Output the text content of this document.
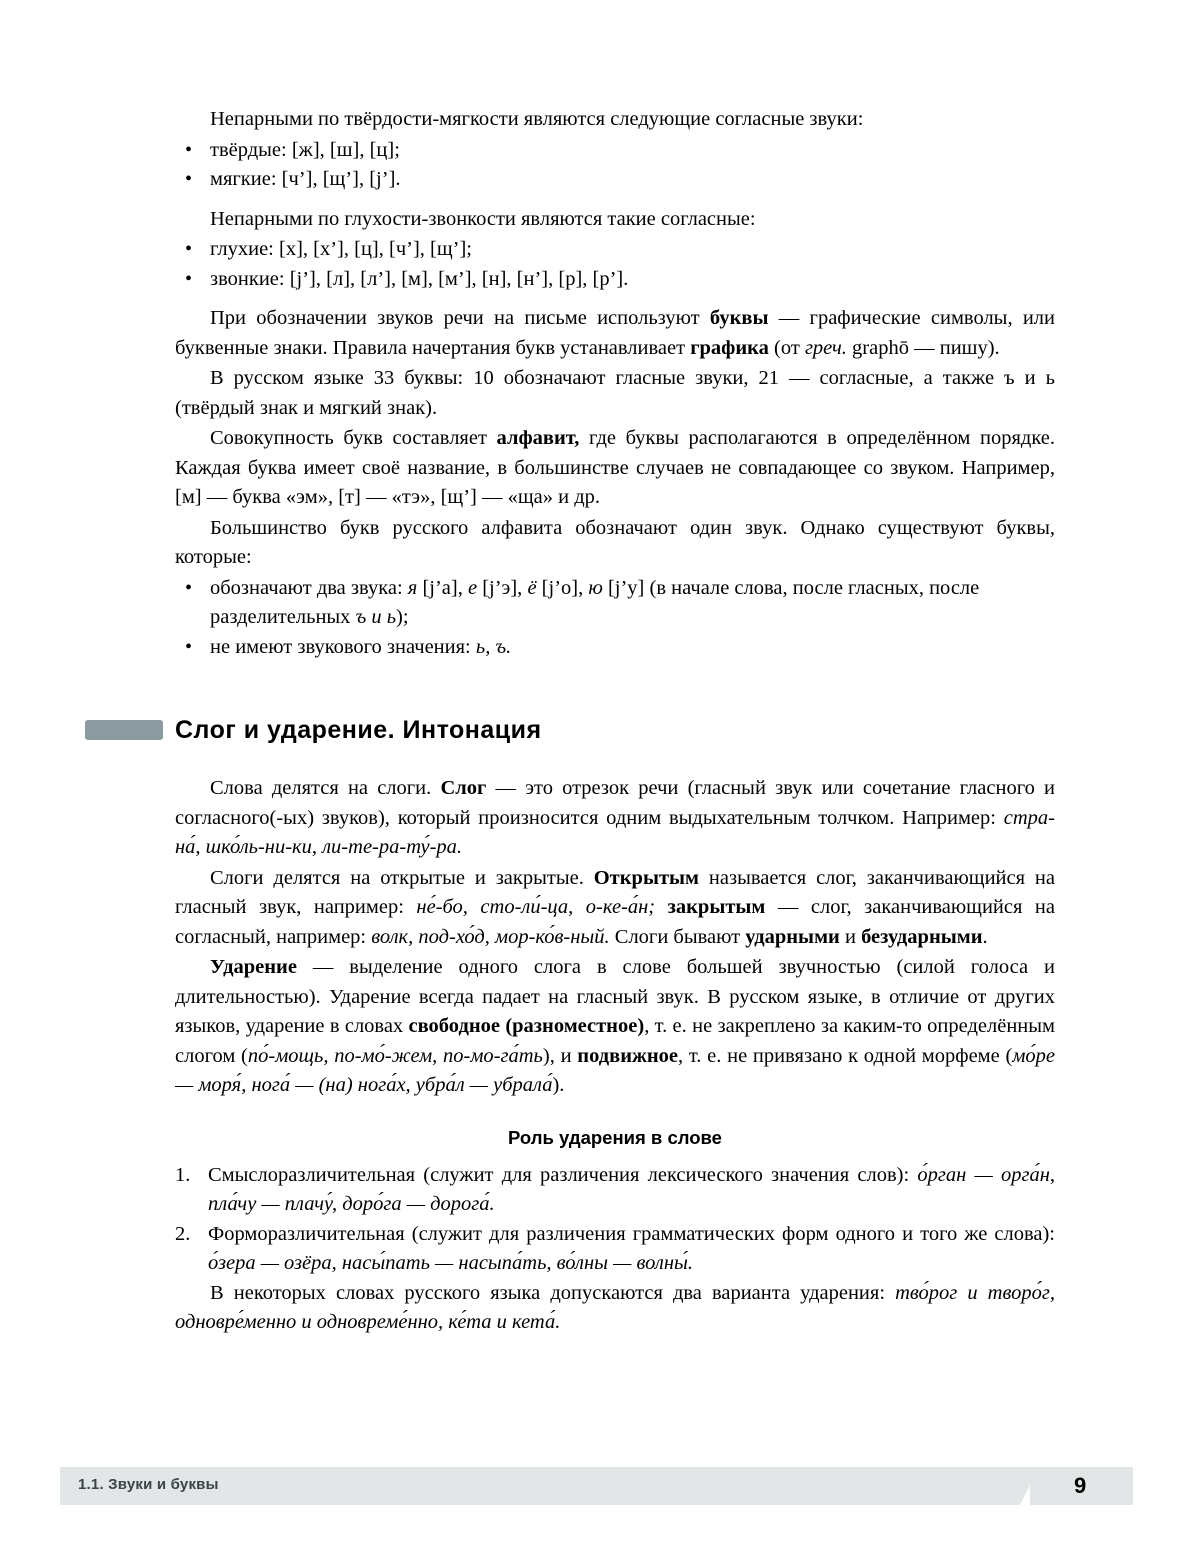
Непарными по твёрдости-мягкости являются следующие согласные звуки:

• твёрдые: [ж], [ш], [ц];
• мягкие: [ч’], [щ’], [j’].

Непарными по глухости-звонкости являются такие согласные:

• глухие: [х], [х’], [ц], [ч’], [щ’];
• звонкие: [j’], [л], [л’], [м], [м’], [н], [н’], [р], [р’].

При обозначении звуков речи на письме используют буквы — графические символы, или буквенные знаки. Правила начертания букв устанавливает графика (от греч. graphō — пишу).

В русском языке 33 буквы: 10 обозначают гласные звуки, 21 — согласные, а также ъ и ь (твёрдый знак и мягкий знак).

Совокупность букв составляет алфавит, где буквы располагаются в определённом порядке. Каждая буква имеет своё название, в большинстве случаев не совпадающее со звуком. Например, [м] — буква «эм», [т] — «тэ», [щ’] — «ща» и др.

Большинство букв русского алфавита обозначают один звук. Однако существуют буквы, которые:

• обозначают два звука: я [j’а], е [j’э], ё [j’о], ю [j’у] (в начале слова, после гласных, после разделительных ъ и ь);
• не имеют звукового значения: ь, ъ.
Слог и ударение. Интонация

Слова делятся на слоги. Слог — это отрезок речи (гласный звук или сочетание гласного и согласного(-ых) звуков), который произносится одним выдыхательным толчком. Например: стра-на́, шко́ль-ни-ки, ли-те-ра-ту́-ра.

Слоги делятся на открытые и закрытые. Открытым называется слог, заканчивающийся на гласный звук, например: не́-бо, сто-ли́-ца, о-ке-а́н; закрытым — слог, заканчивающийся на согласный, например: волк, под-хо́д, мор-ко́в-ный. Слоги бывают ударными и безударными.

Ударение — выделение одного слога в слове большей звучностью (силой голоса и длительностью). Ударение всегда падает на гласный звук. В русском языке, в отличие от других языков, ударение в словах свободное (разноместное), т. е. не закреплено за каким-то определённым слогом (по́-мощь, по-мо́-жем, по-мо-га́ть), и подвижное, т. е. не привязано к одной морфеме (мо́ре — моря́, нога́ — (на) нога́х, убра́л — убрала́).

Роль ударения в слове
Смыслоразличительная (служит для различения лексического значения слов): о́рган — орга́н, пла́чу — плачу́, доро́га — дорога́.
Форморазличительная (служит для различения грамматических форм одного и того же слова): о́зера — озёра, насы́пать — насыпа́ть, во́лны — волны́.

В некоторых словах русского языка допускаются два варианта ударения: тво́рог и творо́г, одновре́менно и одновреме́нно, ке́та и кета́.

1.1. Звуки и буквы	9
